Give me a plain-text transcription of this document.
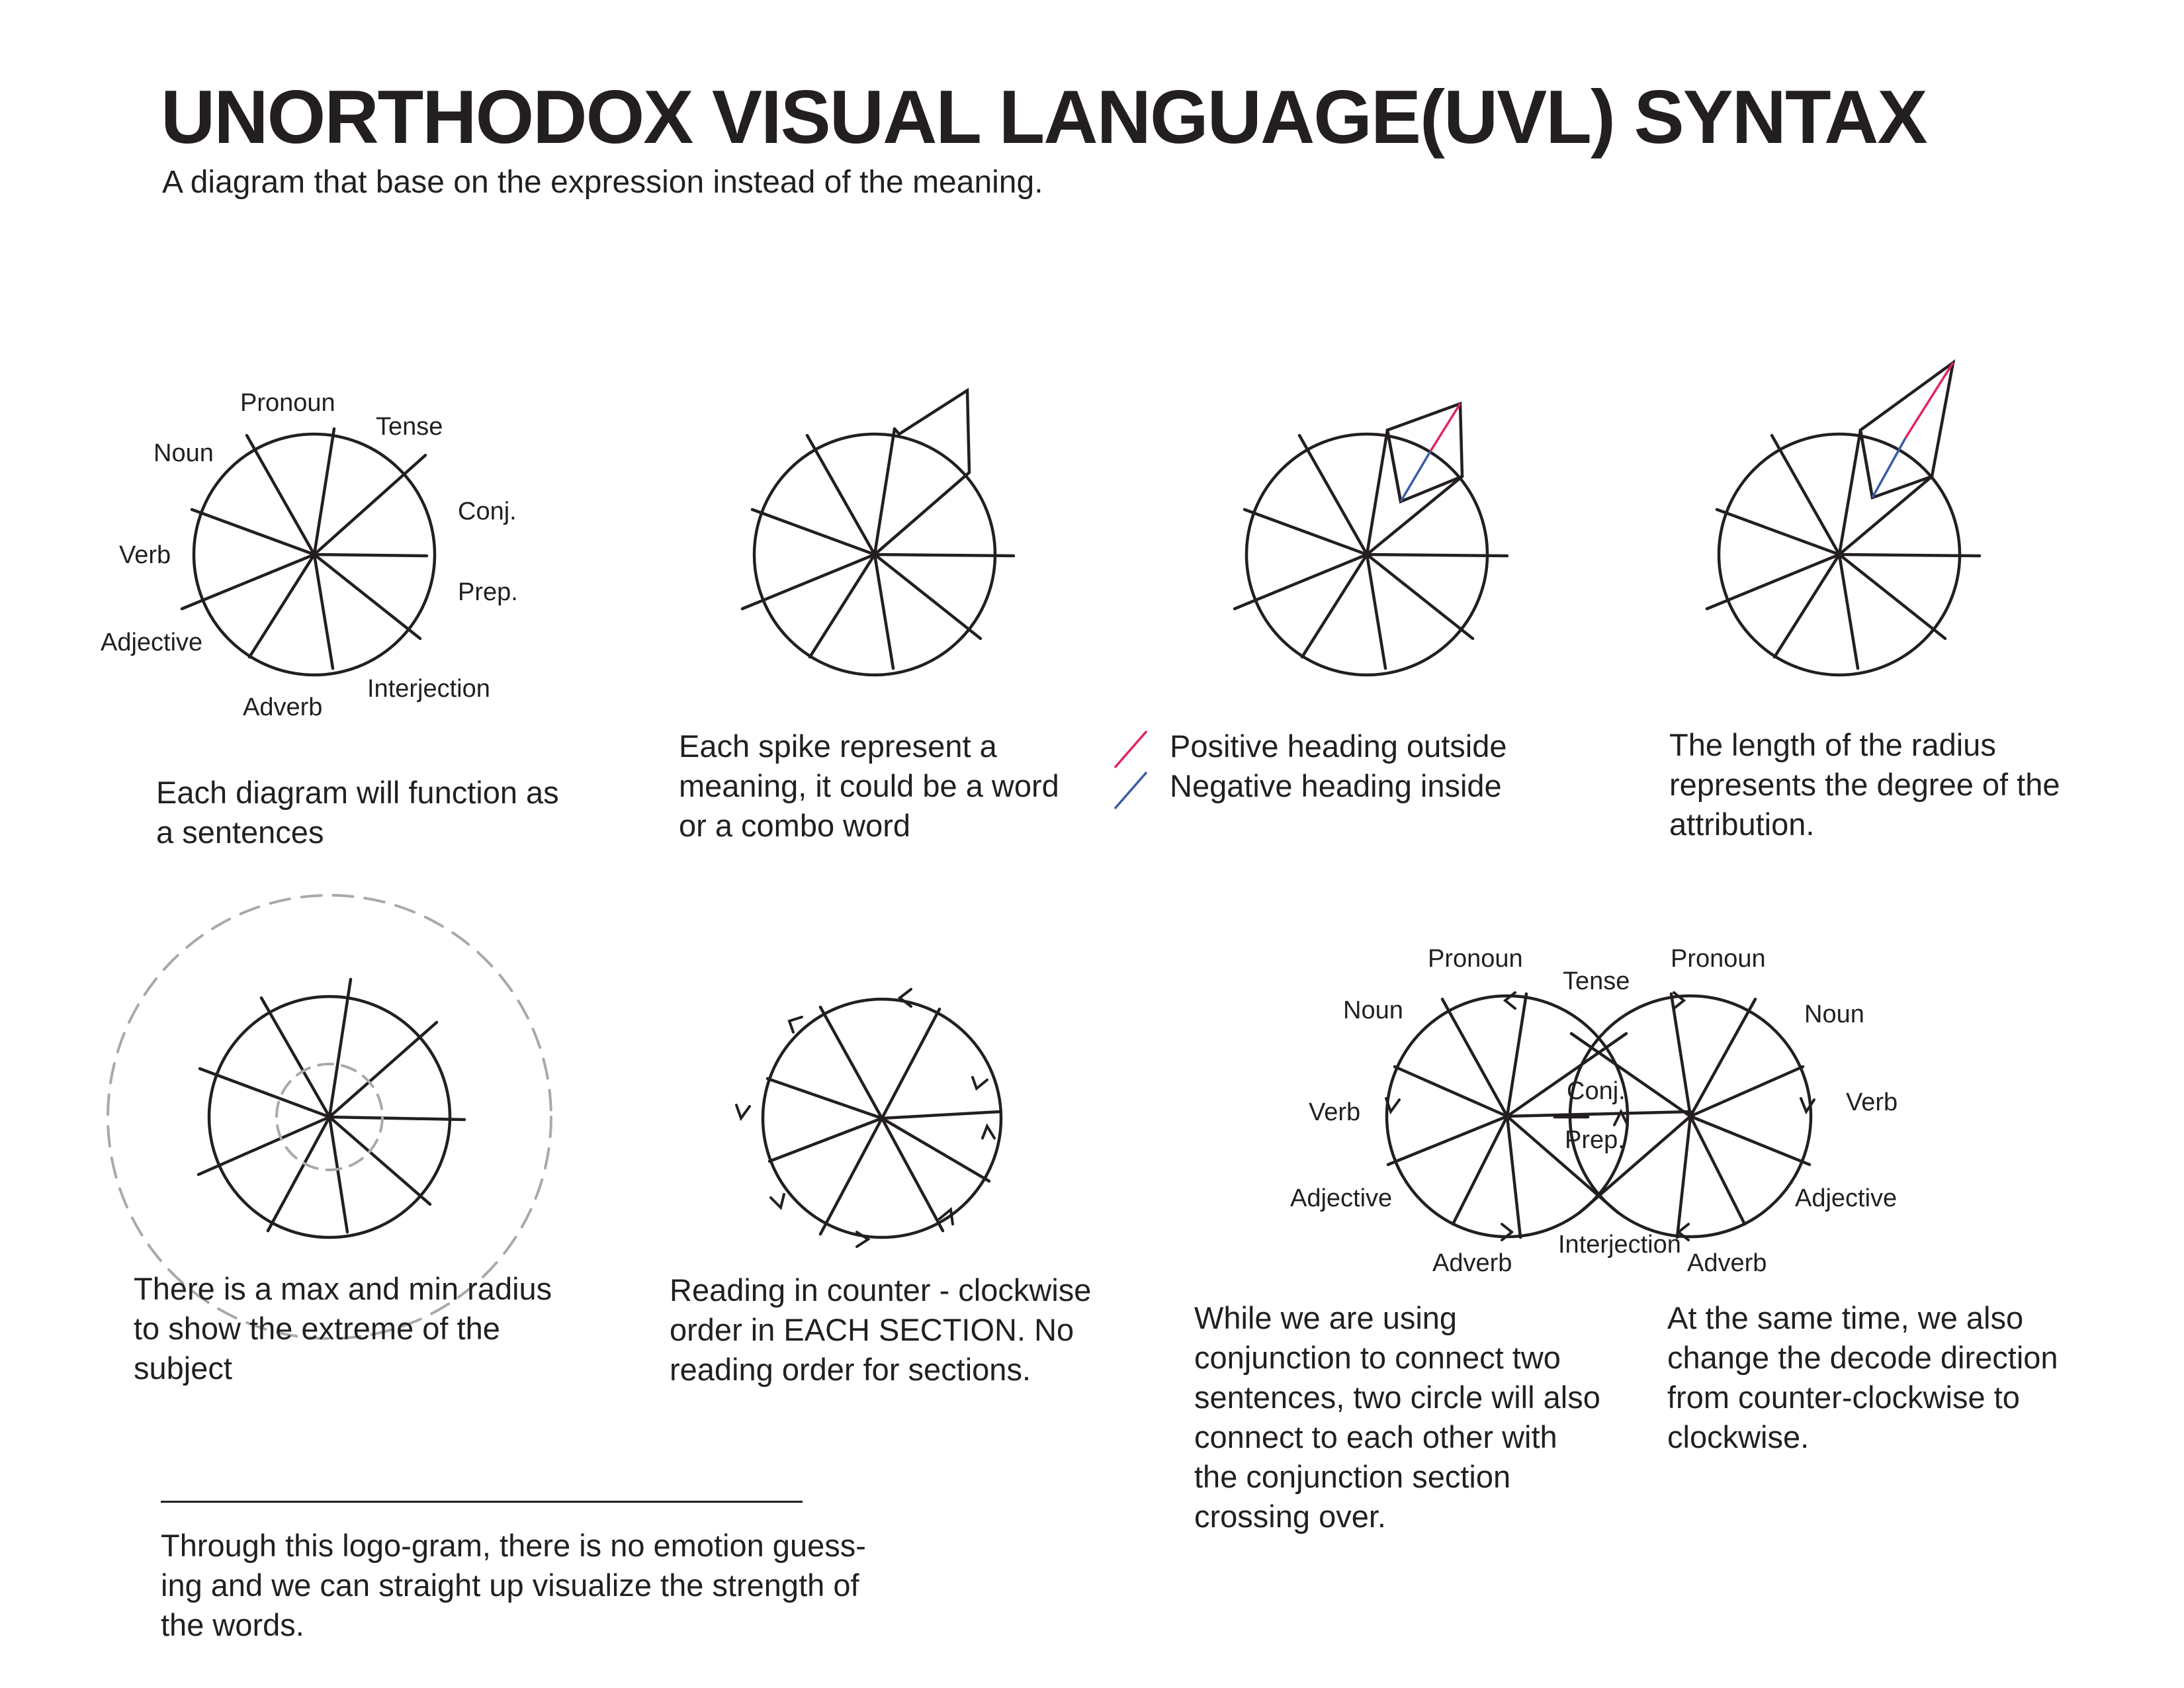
UNORTHODOX VISUAL LANGUAGE(UVL) SYNTAX
A diagram that base on the expression instead of the meaning.
Pronoun
Tense
Noun
Conj.
Verb
Prep.
Adjective
Interjection
Adverb
Each diagram will function as
a sentences
Each spike represent a
meaning, it could be a word
or a combo word
Positive heading outside
Negative heading inside
The length of the radius
represents the degree of the
attribution.
There is a max and min radius
to show the extreme of the
subject
Reading in counter - clockwise
order in EACH SECTION. No
reading order for sections.
Pronoun
Tense
Pronoun
Noun	Noun
Conj.
Verb	Verb
Prep.
Adjective	Adjective
Interjection
Adverb	Adverb
While we are using
conjunction to connect two
sentences, two circle will also
connect to each other with
the conjunction section
crossing over.
At the same time, we also
change the decode direction
from counter-clockwise to
clockwise.
Through this logo-gram, there is no emotion guess-
ing and we can straight up visualize the strength of
the words.
